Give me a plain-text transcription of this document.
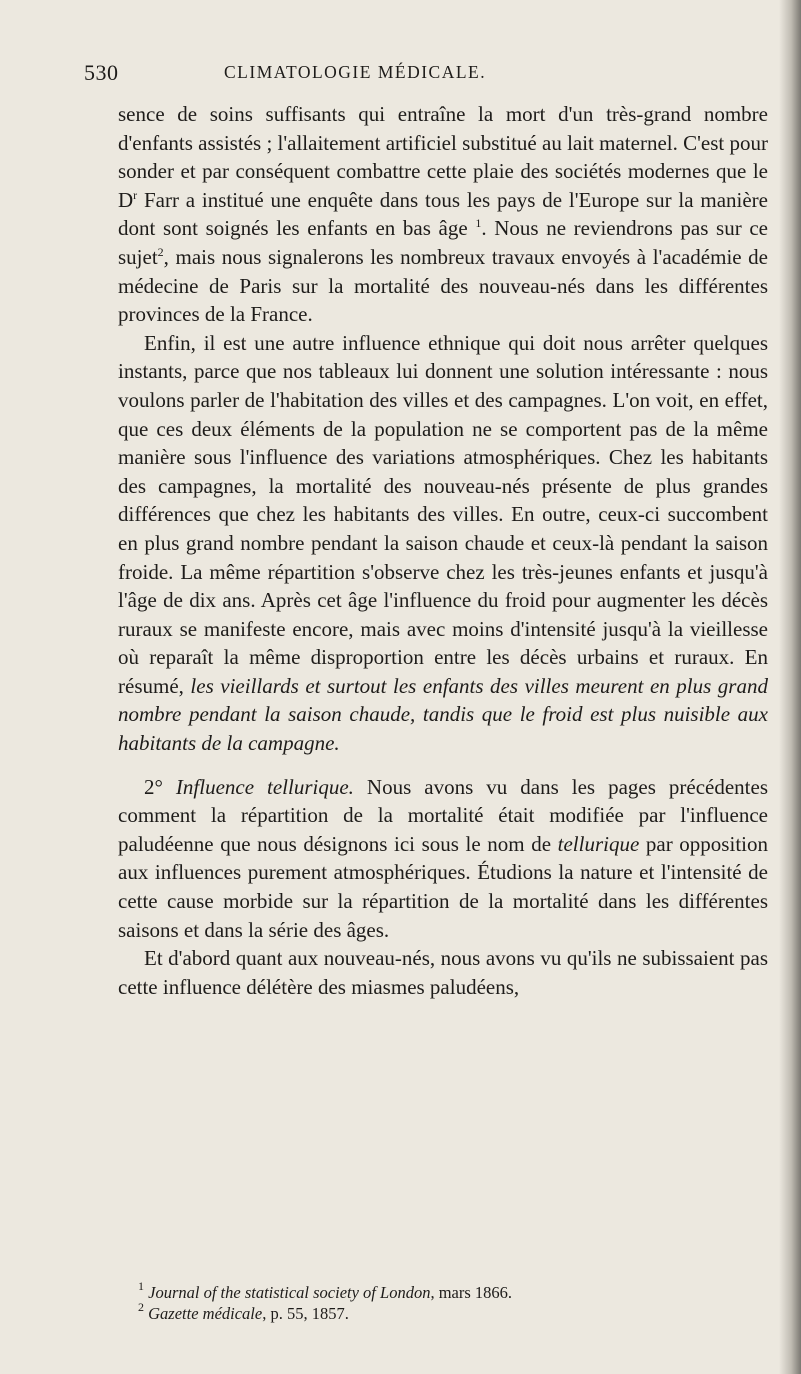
530	CLIMATOLOGIE MÉDICALE.

sence de soins suffisants qui entraîne la mort d'un très-grand nombre d'enfants assistés ; l'allaitement artificiel substitué au lait maternel. C'est pour sonder et par conséquent combattre cette plaie des sociétés modernes que le $D^r$ Farr a institué une enquête dans tous les pays de l'Europe sur la manière dont sont soignés les enfants en bas âge $^1$. Nous ne reviendrons pas sur ce sujet$^2$, mais nous signalerons les nombreux travaux envoyés à l'académie de médecine de Paris sur la mortalité des nouveau-nés dans les différentes provinces de la France.

Enfin, il est une autre influence ethnique qui doit nous arrêter quelques instants, parce que nos tableaux lui donnent une solution intéressante : nous voulons parler de l'habitation des villes et des campagnes. L'on voit, en effet, que ces deux éléments de la population ne se comportent pas de la même manière sous l'influence des variations atmosphériques. Chez les habitants des campagnes, la mortalité des nouveau-nés présente de plus grandes différences que chez les habitants des villes. En outre, ceux-ci succombent en plus grand nombre pendant la saison chaude et ceux-là pendant la saison froide. La même répartition s'observe chez les très-jeunes enfants et jusqu'à l'âge de dix ans. Après cet âge l'influence du froid pour augmenter les décès ruraux se manifeste encore, mais avec moins d'intensité jusqu'à la vieillesse où reparaît la même disproportion entre les décès urbains et ruraux. En résumé, les vieillards et surtout les enfants des villes meurent en plus grand nombre pendant la saison chaude, tandis que le froid est plus nuisible aux habitants de la campagne.

2° Influence tellurique. Nous avons vu dans les pages précédentes comment la répartition de la mortalité était modifiée par l'influence paludéenne que nous désignons ici sous le nom de tellurique par opposition aux influences purement atmosphériques. Étudions la nature et l'intensité de cette cause morbide sur la répartition de la mortalité dans les différentes saisons et dans la série des âges.

Et d'abord quant aux nouveau-nés, nous avons vu qu'ils ne subissaient pas cette influence délétère des miasmes paludéens,

$^1$ Journal of the statistical society of London, mars 1866.

$^2$ Gazette médicale, p. 55, 1857.
